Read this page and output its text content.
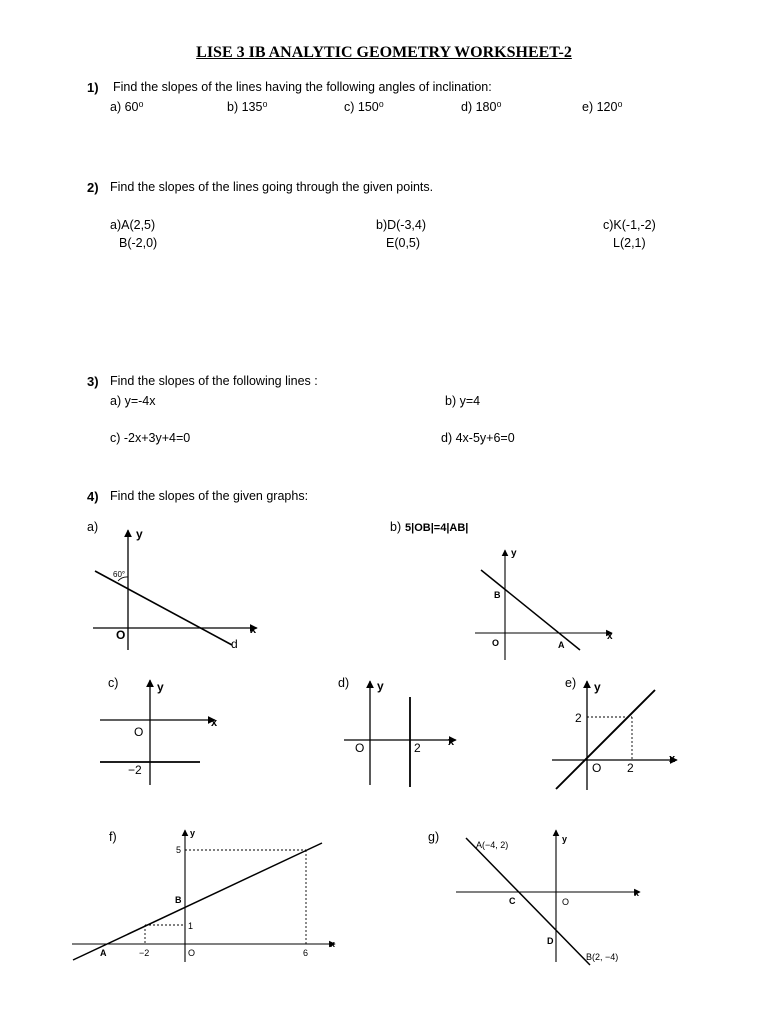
LISE 3 IB ANALYTIC GEOMETRY WORKSHEET-2
1) Find the slopes of the lines having the following angles of inclination:
a) 60⁰	b) 135⁰	c) 150⁰	d) 180⁰	e) 120⁰
2) Find the slopes of the lines going through the given points.
a)A(2,5)
B(-2,0)
b)D(-3,4)
E(0,5)
c)K(-1,-2)
L(2,1)
3) Find the slopes of the following lines :
a) y=-4x	b) y=4
c) -2x+3y+4=0	d) 4x-5y+6=0
4) Find the slopes of the given graphs:
a)	y
x
60°
O
d
b) 5|OB|=4|AB|
y
x
B
O	A
c)	y
x
O
−2
d) y
x
O	2
e) y
x
O 2
2
f)	y
x
5
B
1
A	−2	O	6
g)	y
x
A(−4, 2)
C	O
D
B(2, −4)
